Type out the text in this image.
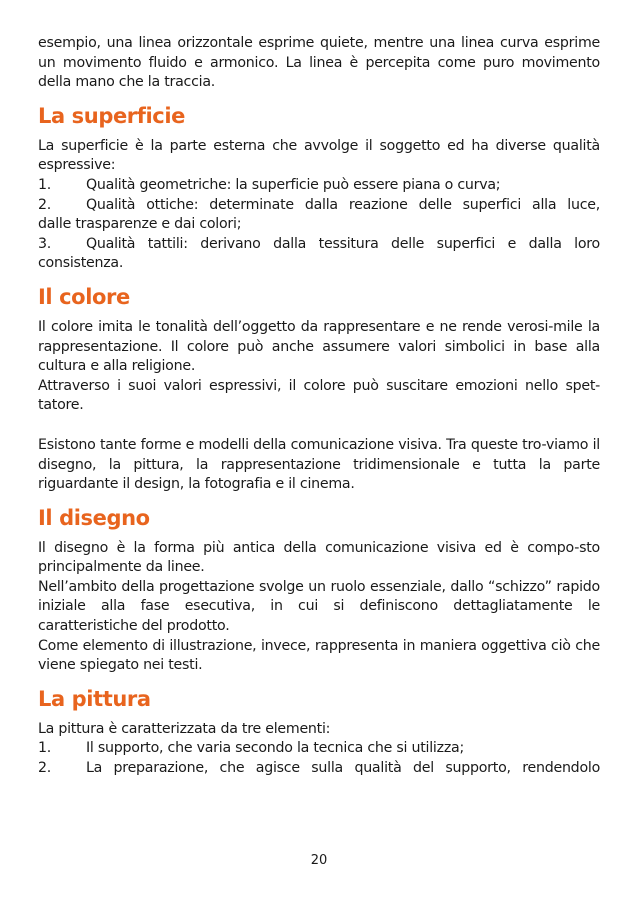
esempio, una linea orizzontale esprime quiete, mentre una linea curva esprime un movimento fluido e armonico. La linea è percepita come puro movimento della mano che la traccia.

La superficie

La superficie è la parte esterna che avvolge il soggetto ed ha diverse qualità espressive:

1.	Qualità geometriche: la superficie può essere piana o curva;
2.	Qualità ottiche: determinate dalla reazione delle superfici alla luce,

dalle trasparenze e dai colori;

3.	Qualità tattili: derivano dalla tessitura delle superfici e dalla loro

consistenza.

Il colore

Il colore imita le tonalità dell’oggetto da rappresentare e ne rende verosi-mile la rappresentazione. Il colore può anche assumere valori simbolici in base alla cultura e alla religione.

Attraverso i suoi valori espressivi, il colore può suscitare emozioni nello spet-tatore.

Esistono tante forme e modelli della comunicazione visiva. Tra queste tro-viamo il disegno, la pittura, la rappresentazione tridimensionale e tutta la parte riguardante il design, la fotografia e il cinema.

Il disegno

Il disegno è la forma più antica della comunicazione visiva ed è compo-sto principalmente da linee.

Nell’ambito della progettazione svolge un ruolo essenziale, dallo “schizzo” rapido iniziale alla fase esecutiva, in cui si definiscono dettagliatamente le caratteristiche del prodotto.

Come elemento di illustrazione, invece, rappresenta in maniera oggettiva ciò che viene spiegato nei testi.

La pittura

La pittura è caratterizzata da tre elementi:

1.	Il supporto, che varia secondo la tecnica che si utilizza;
2.	La preparazione, che agisce sulla qualità del supporto, rendendolo
20
